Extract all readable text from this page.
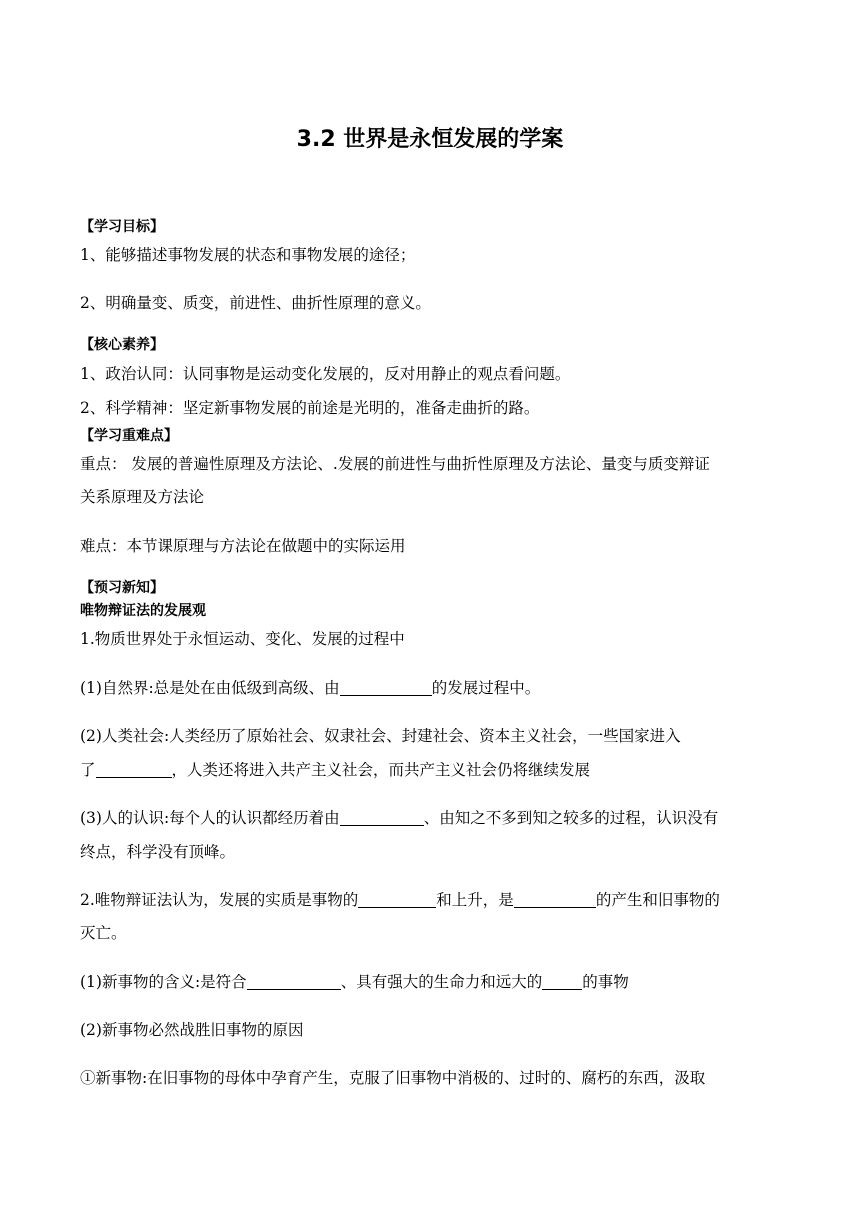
3.2 世界是永恒发展的学案
【学习目标】
1、能够描述事物发展的状态和事物发展的途径；
2、明确量变、质变，前进性、曲折性原理的意义。
【核心素养】
1、政治认同：认同事物是运动变化发展的，反对用静止的观点看问题。
2、科学精神：坚定新事物发展的前途是光明的，准备走曲折的路。
【学习重难点】
重点： 发展的普遍性原理及方法论、.发展的前进性与曲折性原理及方法论、量变与质变辩证
关系原理及方法论
难点：本节课原理与方法论在做题中的实际运用
【预习新知】
唯物辩证法的发展观
1.物质世界处于永恒运动、变化、发展的过程中
(1)自然界:总是处在由低级到高级、由	的发展过程中。
(2)人类社会:人类经历了原始社会、奴隶社会、封建社会、资本主义社会，一些国家进入
了	，人类还将进入共产主义社会，而共产主义社会仍将继续发展
(3)人的认识:每个人的认识都经历着由	、由知之不多到知之较多的过程，认识没有
终点，科学没有顶峰。
2.唯物辩证法认为，发展的实质是事物的	和上升，是	的产生和旧事物的
灭亡。
(1)新事物的含义:是符合	、具有强大的生命力和远大的	的事物
(2)新事物必然战胜旧事物的原因
①新事物:在旧事物的母体中孕育产生，克服了旧事物中消极的、过时的、腐朽的东西，汲取
